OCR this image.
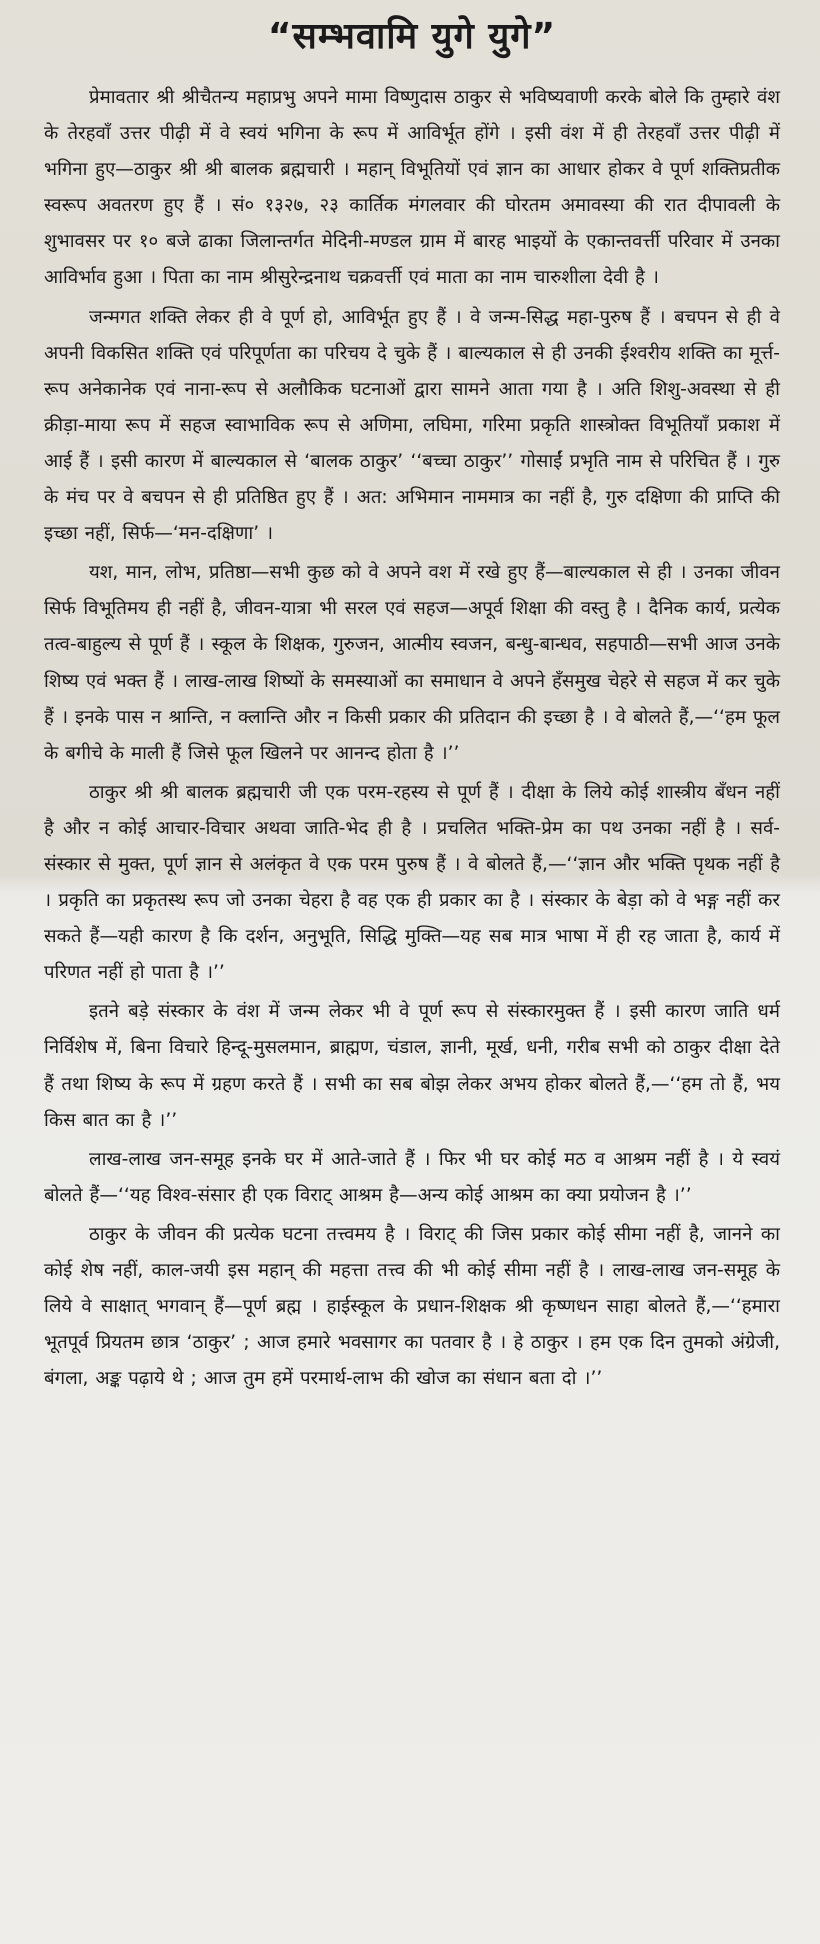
“सम्भवामि युगे युगे”

प्रेमावतार श्री श्रीचैतन्य महाप्रभु अपने मामा विष्णुदास ठाकुर से भविष्यवाणी करके बोले कि तुम्हारे वंश के तेरहवाँ उत्तर पीढ़ी में वे स्वयं भगिना के रूप में आविर्भूत होंगे । इसी वंश में ही तेरहवाँ उत्तर पीढ़ी में भगिना हुए—ठाकुर श्री श्री बालक ब्रह्मचारी । महान् विभूतियों एवं ज्ञान का आधार होकर वे पूर्ण शक्तिप्रतीक स्वरूप अवतरण हुए हैं । सं० १३२७, २३ कार्तिक मंगलवार की घोरतम अमावस्या की रात दीपावली के शुभावसर पर १० बजे ढाका जिलान्तर्गत मेदिनी-मण्डल ग्राम में बारह भाइयों के एकान्तवर्त्ती परिवार में उनका आविर्भाव हुआ । पिता का नाम श्रीसुरेन्द्रनाथ चक्रवर्त्ती एवं माता का नाम चारुशीला देवी है ।

जन्मगत शक्ति लेकर ही वे पूर्ण हो, आविर्भूत हुए हैं । वे जन्म-सिद्ध महा-पुरुष हैं । बचपन से ही वे अपनी विकसित शक्ति एवं परिपूर्णता का परिचय दे चुके हैं । बाल्यकाल से ही उनकी ईश्वरीय शक्ति का मूर्त्त-रूप अनेकानेक एवं नाना-रूप से अलौकिक घटनाओं द्वारा सामने आता गया है । अति शिशु-अवस्था से ही क्रीड़ा-माया रूप में सहज स्वाभाविक रूप से अणिमा, लघिमा, गरिमा प्रकृति शास्त्रोक्त विभूतियाँ प्रकाश में आई हैं । इसी कारण में बाल्यकाल से ‘बालक ठाकुर’ ‘‘बच्चा ठाकुर’’ गोसाईं प्रभृति नाम से परिचित हैं । गुरु के मंच पर वे बचपन से ही प्रतिष्ठित हुए हैं । अत: अभिमान नाममात्र का नहीं है, गुरु दक्षिणा की प्राप्ति की इच्छा नहीं, सिर्फ—‘मन-दक्षिणा’ ।

यश, मान, लोभ, प्रतिष्ठा—सभी कुछ को वे अपने वश में रखे हुए हैं—बाल्यकाल से ही । उनका जीवन सिर्फ विभूतिमय ही नहीं है, जीवन-यात्रा भी सरल एवं सहज—अपूर्व शिक्षा की वस्तु है । दैनिक कार्य, प्रत्येक तत्व-बाहुल्य से पूर्ण हैं । स्कूल के शिक्षक, गुरुजन, आत्मीय स्वजन, बन्धु-बान्धव, सहपाठी—सभी आज उनके शिष्य एवं भक्त हैं । लाख-लाख शिष्यों के समस्याओं का समाधान वे अपने हँसमुख चेहरे से सहज में कर चुके हैं । इनके पास न श्रान्ति, न क्लान्ति और न किसी प्रकार की प्रतिदान की इच्छा है । वे बोलते हैं,—‘‘हम फूल के बगीचे के माली हैं जिसे फूल खिलने पर आनन्द होता है ।’’

ठाकुर श्री श्री बालक ब्रह्मचारी जी एक परम-रहस्य से पूर्ण हैं । दीक्षा के लिये कोई शास्त्रीय बँधन नहीं है और न कोई आचार-विचार अथवा जाति-भेद ही है । प्रचलित भक्ति-प्रेम का पथ उनका नहीं है । सर्व-संस्कार से मुक्त, पूर्ण ज्ञान से अलंकृत वे एक परम पुरुष हैं । वे बोलते हैं,—‘‘ज्ञान और भक्ति पृथक नहीं है । प्रकृति का प्रकृतस्थ रूप जो उनका चेहरा है वह एक ही प्रकार का है । संस्कार के बेड़ा को वे भङ्ग नहीं कर सकते हैं—यही कारण है कि दर्शन, अनुभूति, सिद्धि मुक्ति—यह सब मात्र भाषा में ही रह जाता है, कार्य में परिणत नहीं हो पाता है ।’’

इतने बड़े संस्कार के वंश में जन्म लेकर भी वे पूर्ण रूप से संस्कारमुक्त हैं । इसी कारण जाति धर्म निर्विशेष में, बिना विचारे हिन्दू-मुसलमान, ब्राह्मण, चंडाल, ज्ञानी, मूर्ख, धनी, गरीब सभी को ठाकुर दीक्षा देते हैं तथा शिष्य के रूप में ग्रहण करते हैं । सभी का सब बोझ लेकर अभय होकर बोलते हैं,—‘‘हम तो हैं, भय किस बात का है ।’’

लाख-लाख जन-समूह इनके घर में आते-जाते हैं । फिर भी घर कोई मठ व आश्रम नहीं है । ये स्वयं बोलते हैं—‘‘यह विश्व-संसार ही एक विराट् आश्रम है—अन्य कोई आश्रम का क्या प्रयोजन है ।’’

ठाकुर के जीवन की प्रत्येक घटना तत्त्वमय है । विराट् की जिस प्रकार कोई सीमा नहीं है, जानने का कोई शेष नहीं, काल-जयी इस महान् की महत्ता तत्त्व की भी कोई सीमा नहीं है । लाख-लाख जन-समूह के लिये वे साक्षात् भगवान् हैं—पूर्ण ब्रह्म । हाईस्कूल के प्रधान-शिक्षक श्री कृष्णधन साहा बोलते हैं,—‘‘हमारा भूतपूर्व प्रियतम छात्र ‘ठाकुर’ ; आज हमारे भवसागर का पतवार है । हे ठाकुर । हम एक दिन तुमको अंग्रेजी, बंगला, अङ्क पढ़ाये थे ; आज तुम हमें परमार्थ-लाभ की खोज का संधान बता दो ।’’
